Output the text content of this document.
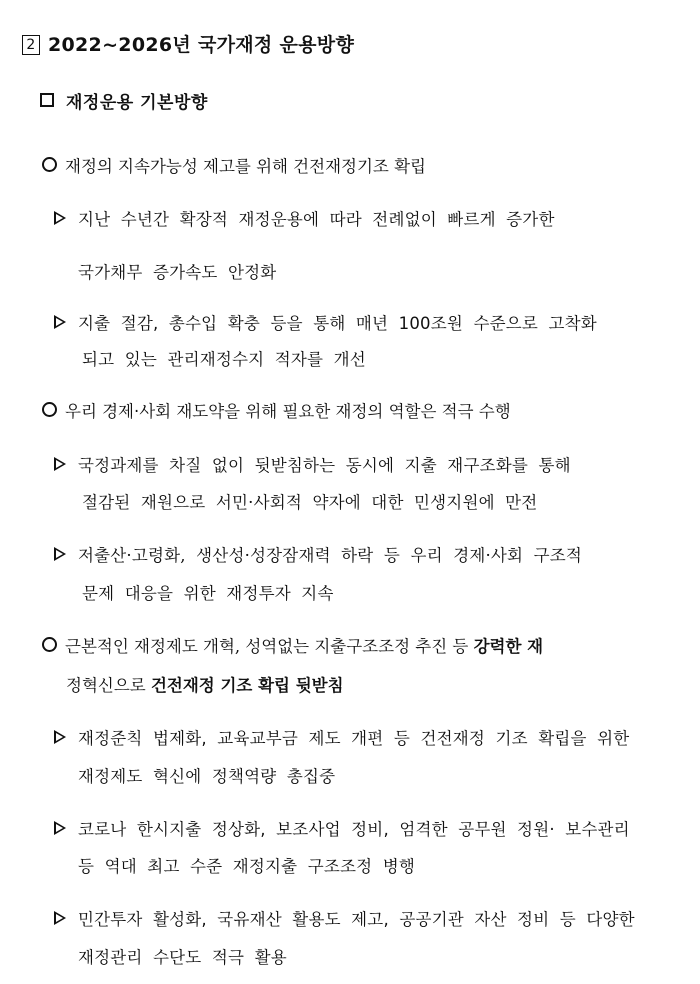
2 2022~2026년 국가재정 운용방향
재정운용 기본방향
재정의 지속가능성 제고를 위해 건전재정기조 확립
지난 수년간 확장적 재정운용에 따라 전례없이 빠르게 증가한
국가채무 증가속도 안정화
지출 절감, 총수입 확충 등을 통해 매년 100조원 수준으로 고착화
되고 있는 관리재정수지 적자를 개선
우리 경제·사회 재도약을 위해 필요한 재정의 역할은 적극 수행
국정과제를 차질 없이 뒷받침하는 동시에 지출 재구조화를 통해
절감된 재원으로 서민·사회적 약자에 대한 민생지원에 만전
저출산·고령화, 생산성·성장잠재력 하락 등 우리 경제·사회 구조적
문제 대응을 위한 재정투자 지속
근본적인 재정제도 개혁, 성역없는 지출구조조정 추진 등 강력한 재
정혁신으로 건전재정 기조 확립 뒷받침
재정준칙 법제화, 교육교부금 제도 개편 등 건전재정 기조 확립을 위한
재정제도 혁신에 정책역량 총집중
코로나 한시지출 정상화, 보조사업 정비, 엄격한 공무원 정원· 보수관리
등 역대 최고 수준 재정지출 구조조정 병행
민간투자 활성화, 국유재산 활용도 제고, 공공기관 자산 정비 등 다양한
재정관리 수단도 적극 활용
